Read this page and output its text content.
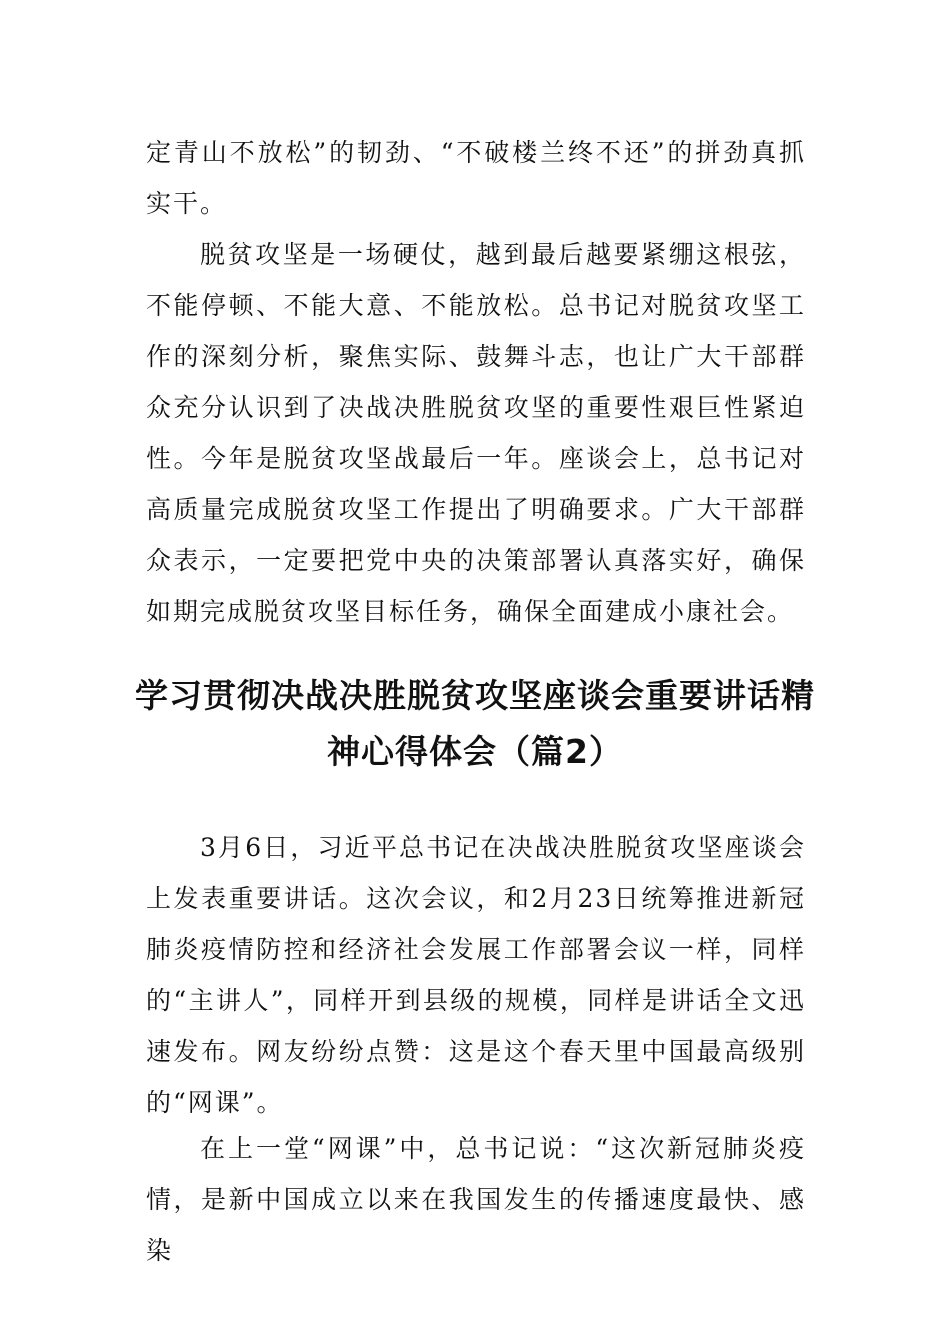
定青山不放松”的韧劲、“不破楼兰终不还”的拼劲真抓实干。

脱贫攻坚是一场硬仗，越到最后越要紧绷这根弦，不能停顿、不能大意、不能放松。总书记对脱贫攻坚工作的深刻分析，聚焦实际、鼓舞斗志，也让广大干部群众充分认识到了决战决胜脱贫攻坚的重要性艰巨性紧迫性。今年是脱贫攻坚战最后一年。座谈会上，总书记对高质量完成脱贫攻坚工作提出了明确要求。广大干部群众表示，一定要把党中央的决策部署认真落实好，确保如期完成脱贫攻坚目标任务，确保全面建成小康社会。

学习贯彻决战决胜脱贫攻坚座谈会重要讲话精神心得体会（篇2）

3月6日，习近平总书记在决战决胜脱贫攻坚座谈会上发表重要讲话。这次会议，和2月23日统筹推进新冠肺炎疫情防控和经济社会发展工作部署会议一样，同样的“主讲人”，同样开到县级的规模，同样是讲话全文迅速发布。网友纷纷点赞：这是这个春天里中国最高级别的“网课”。

在上一堂“网课”中，总书记说：“这次新冠肺炎疫情，是新中国成立以来在我国发生的传播速度最快、感染
